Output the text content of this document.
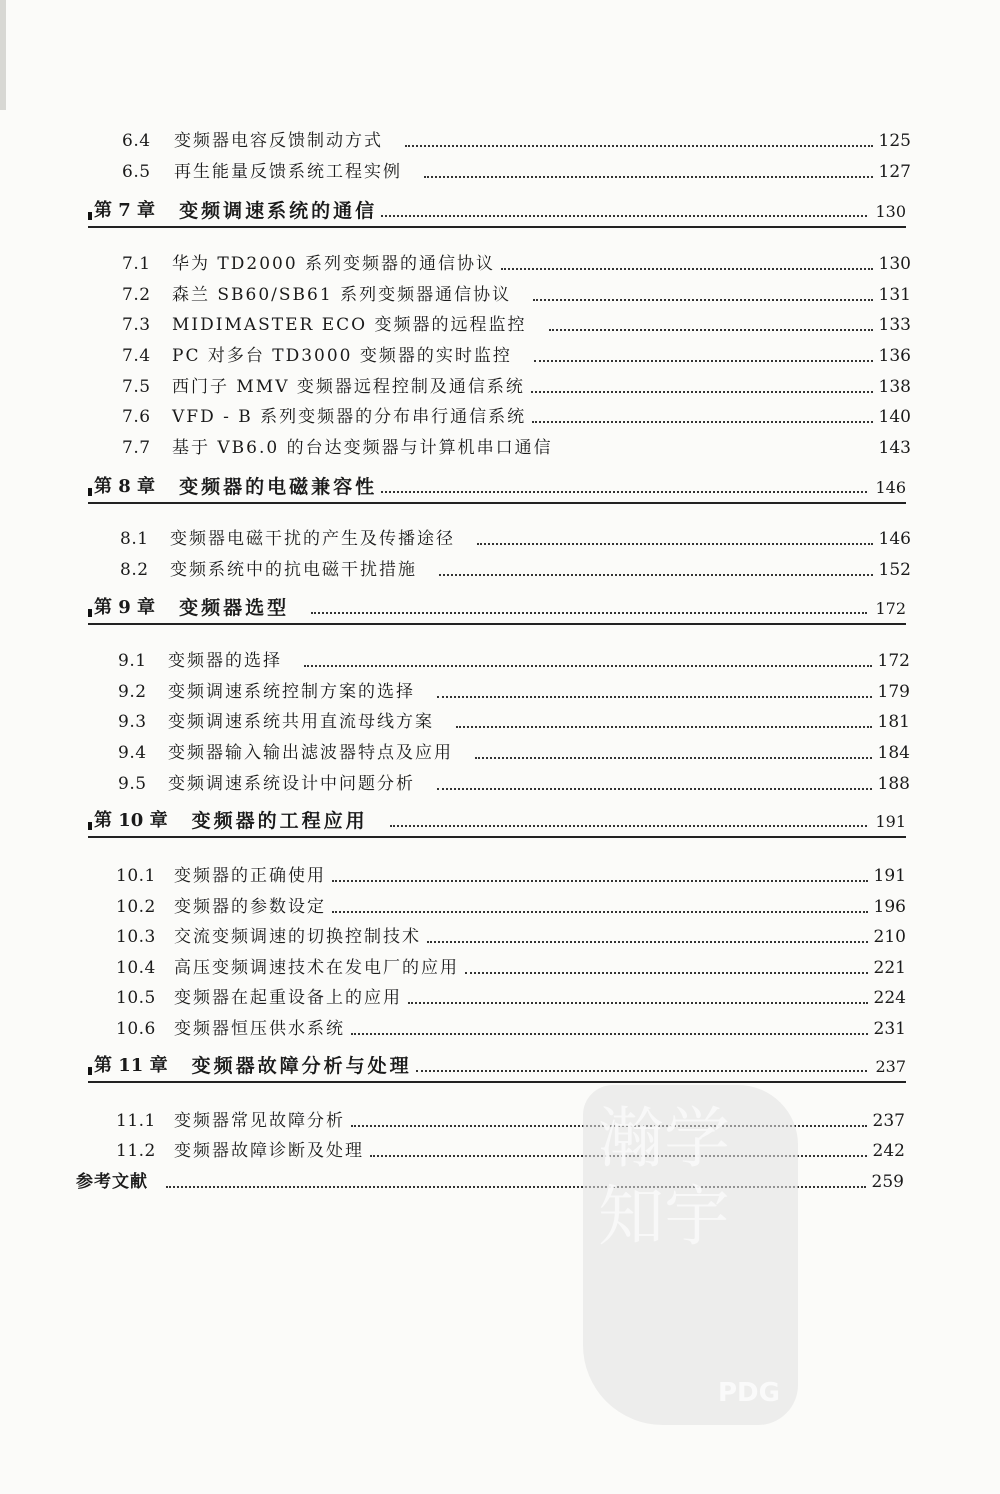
6.4	变频器电容反馈制动方式	125
6.5	再生能量反馈系统工程实例	127
第 7 章 变频调速系统的通信	130
7.1	华为 TD2000 系列变频器的通信协议	130
7.2	森兰 SB60/SB61 系列变频器通信协议	131
7.3	MIDIMASTER ECO 变频器的远程监控	133
7.4	PC 对多台 TD3000 变频器的实时监控	136
7.5	西门子 MMV 变频器远程控制及通信系统	138
7.6	VFD - B 系列变频器的分布串行通信系统	140
7.7	基于 VB6.0 的台达变频器与计算机串口通信	143
第 8 章 变频器的电磁兼容性	146
8.1	变频器电磁干扰的产生及传播途径	146
8.2	变频系统中的抗电磁干扰措施	152
第 9 章 变频器选型	172
9.1	变频器的选择	172
9.2	变频调速系统控制方案的选择	179
9.3	变频调速系统共用直流母线方案	181
9.4	变频器输入输出滤波器特点及应用	184
9.5	变频调速系统设计中问题分析	188
第 10 章 变频器的工程应用	191
10.1	变频器的正确使用	191
10.2	变频器的参数设定	196
10.3	交流变频调速的切换控制技术	210
10.4	高压变频调速技术在发电厂的应用	221
10.5	变频器在起重设备上的应用	224
10.6	变频器恒压供水系统	231
第 11 章 变频器故障分析与处理	237
11.1	变频器常见故障分析	237
11.2	变频器故障诊断及处理	242
参考文献	259
瀚学 知宇
PDG
